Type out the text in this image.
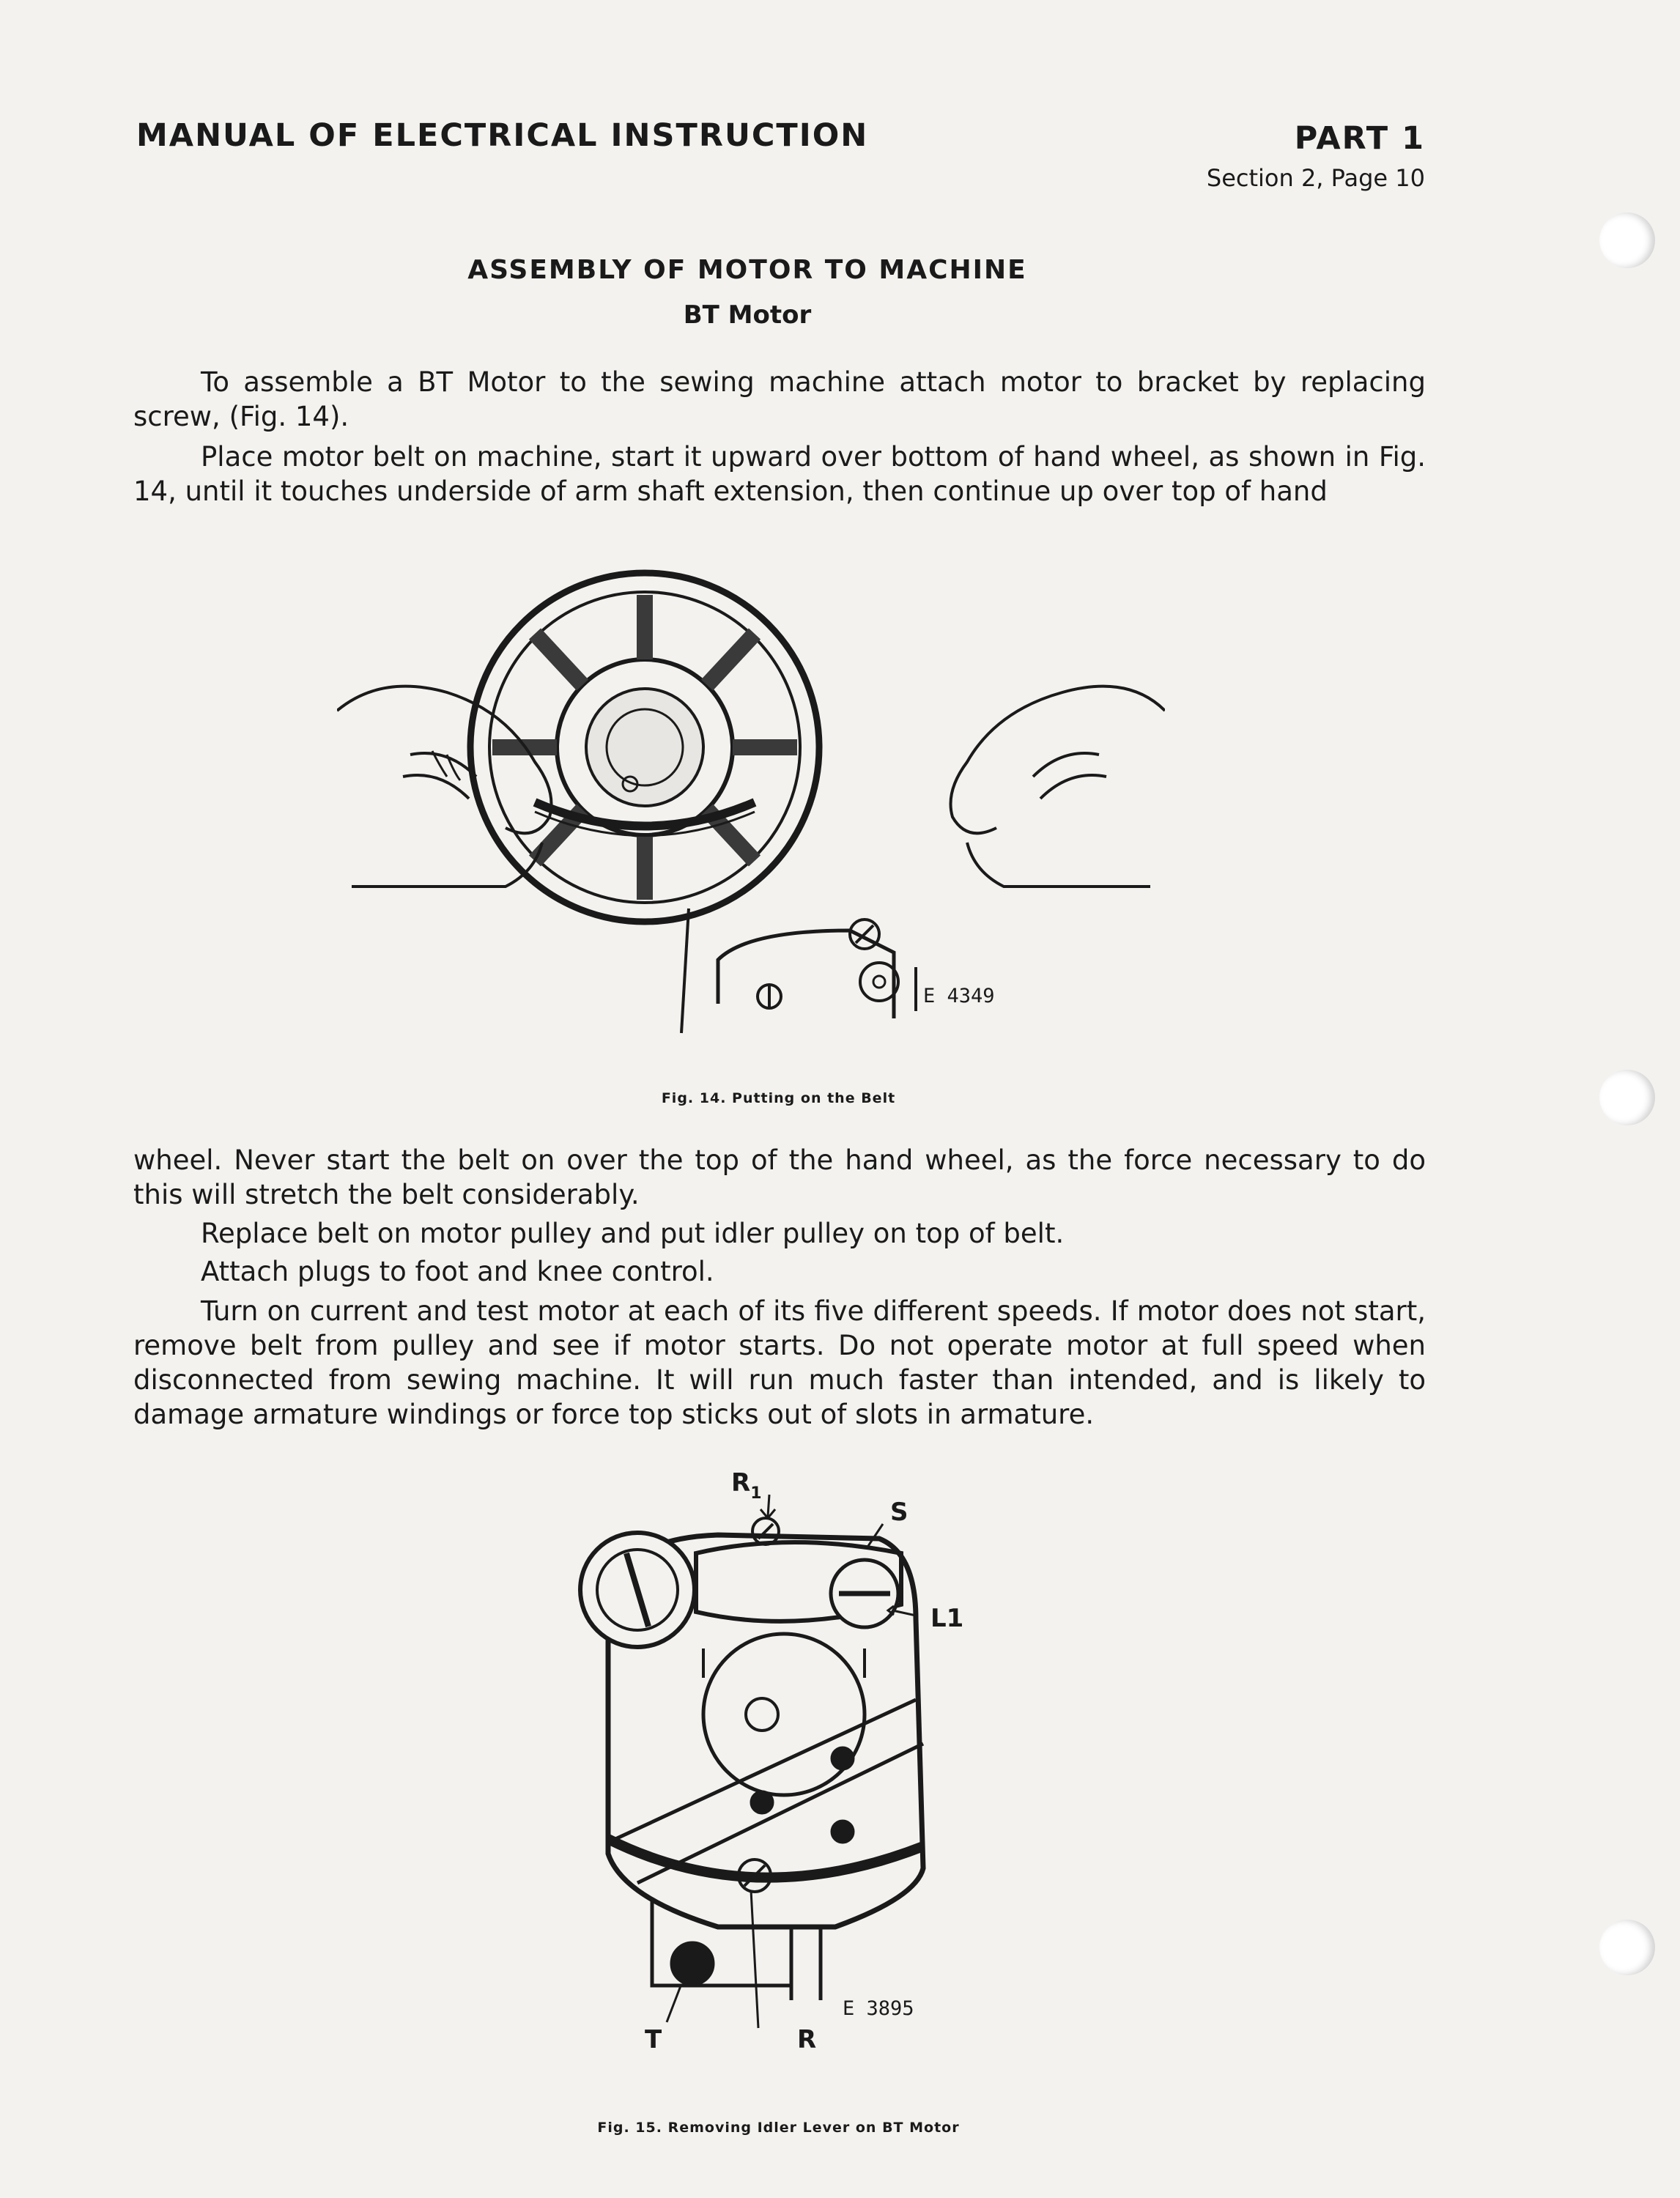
MANUAL OF ELECTRICAL INSTRUCTION	PART 1
Section 2, Page 10
ASSEMBLY OF MOTOR TO MACHINE
BT Motor

To assemble a BT Motor to the sewing machine attach motor to bracket by replacing screw, (Fig. 14).

Place motor belt on machine, start it upward over bottom of hand wheel, as shown in Fig. 14, until it touches underside of arm shaft extension, then continue up over top of hand

E 4349
Fig. 14. Putting on the Belt

wheel. Never start the belt on over the top of the hand wheel, as the force necessary to do this will stretch the belt considerably.

Replace belt on motor pulley and put idler pulley on top of belt.

Attach plugs to foot and knee control.

Turn on current and test motor at each of its five different speeds. If motor does not start, remove belt from pulley and see if motor starts. Do not operate motor at full speed when disconnected from sewing machine. It will run much faster than intended, and is likely to damage armature windings or force top sticks out of slots in armature.

$R_1$
S
L1
T	R
E 3895
Fig. 15. Removing Idler Lever on BT Motor
